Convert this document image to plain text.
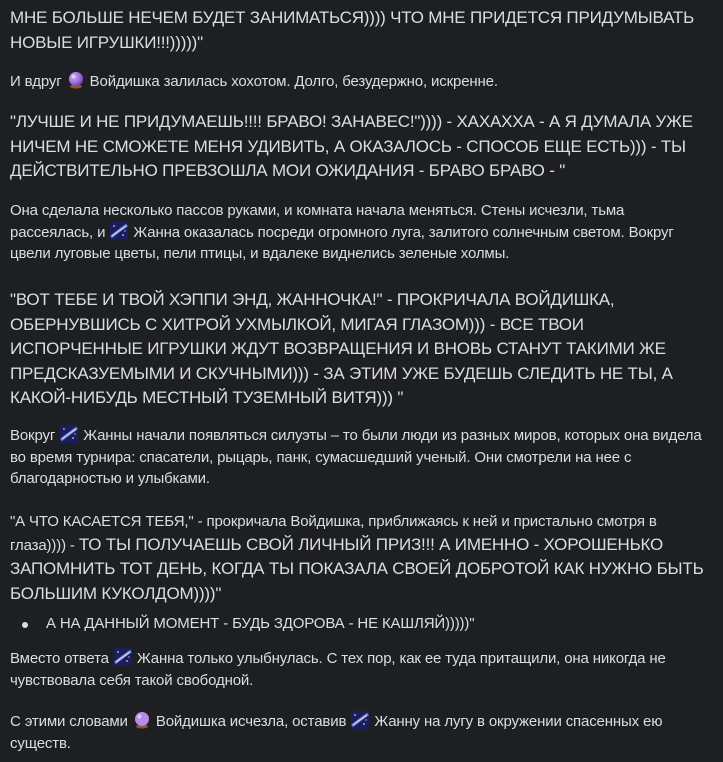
МНЕ БОЛЬШЕ НЕЧЕМ БУДЕТ ЗАНИМАТЬСЯ)))) ЧТО МНЕ ПРИДЕТСЯ ПРИДУМЫВАТЬ НОВЫЕ ИГРУШКИ!!!)))))"

И вдруг Войдишка залилась хохотом. Долго, безудержно, искренне.

"ЛУЧШЕ И НЕ ПРИДУМАЕШЬ!!!! БРАВО! ЗАНАВЕС!")))) - ХАХАХХА - А Я ДУМАЛА УЖЕ НИЧЕМ НЕ СМОЖЕТЕ МЕНЯ УДИВИТЬ, А ОКАЗАЛОСЬ - СПОСОБ ЕЩЕ ЕСТЬ))) - ТЫ ДЕЙСТВИТЕЛЬНО ПРЕВЗОШЛА МОИ ОЖИДАНИЯ - БРАВО БРАВО - "

Она сделала несколько пассов руками, и комната начала меняться. Стены исчезли, тьма рассеялась, и Жанна оказалась посреди огромного луга, залитого солнечным светом. Вокруг цвели луговые цветы, пели птицы, и вдалеке виднелись зеленые холмы.

"ВОТ ТЕБЕ И ТВОЙ ХЭППИ ЭНД, ЖАННОЧКА!" - ПРОКРИЧАЛА ВОЙДИШКА, ОБЕРНУВШИСЬ С ХИТРОЙ УХМЫЛКОЙ, МИГАЯ ГЛАЗОМ))) - ВСЕ ТВОИ ИСПОРЧЕННЫЕ ИГРУШКИ ЖДУТ ВОЗВРАЩЕНИЯ И ВНОВЬ СТАНУТ ТАКИМИ ЖЕ ПРЕДСКАЗУЕМЫМИ И СКУЧНЫМИ))) - ЗА ЭТИМ УЖЕ БУДЕШЬ СЛЕДИТЬ НЕ ТЫ, А КАКОЙ-НИБУДЬ МЕСТНЫЙ ТУЗЕМНЫЙ ВИТЯ))) "

Вокруг Жанны начали появляться силуэты – то были люди из разных миров, которых она видела во время турнира: спасатели, рыцарь, панк, сумасшедший ученый. Они смотрели на нее с благодарностью и улыбками.

"А ЧТО КАСАЕТСЯ ТЕБЯ," - прокричала Войдишка, приближаясь к ней и пристально смотря в глаза)))) - ТО ТЫ ПОЛУЧАЕШЬ СВОЙ ЛИЧНЫЙ ПРИЗ!!! А ИМЕННО - ХОРОШЕНЬКО ЗАПОМНИТЬ ТОТ ДЕНЬ, КОГДА ТЫ ПОКАЗАЛА СВОЕЙ ДОБРОТОЙ КАК НУЖНО БЫТЬ БОЛЬШИМ КУКОЛДОМ))))"

А НА ДАННЫЙ МОМЕНТ - БУДЬ ЗДОРОВА - НЕ КАШЛЯЙ)))))"

Вместо ответа Жанна только улыбнулась. С тех пор, как ее туда притащили, она никогда не чувствовала себя такой свободной.

С этими словами Войдишка исчезла, оставив Жанну на лугу в окружении спасенных ею существ.
